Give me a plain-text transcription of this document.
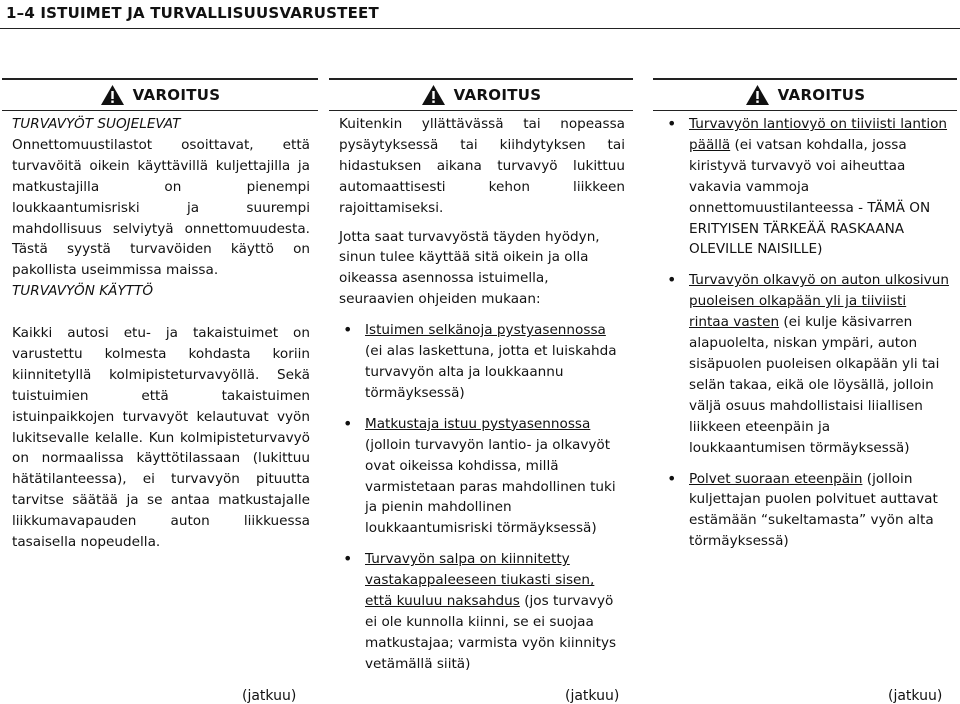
1–4 ISTUIMET JA TURVALLISUUSVARUSTEET
VAROITUS

TURVAVYÖT SUOJELEVAT

Onnettomuustilastot osoittavat, että turvavöitä oikein käyttävillä kuljettajilla ja matkustajilla on pienempi loukkaantumisriski ja suurempi mahdollisuus selviytyä onnettomuudesta. Tästä syystä turvavöiden käyttö on pakollista useimmissa maissa.

TURVAVYÖN KÄYTTÖ

Kaikki autosi etu- ja takaistuimet on varustettu kolmesta kohdasta koriin kiinnitetyllä kolmipisteturvavyöllä. Sekä tuistuimien että takaistuimen istuinpaikkojen turvavyöt kelautuvat vyön lukitsevalle kelalle. Kun kolmipisteturvavyö on normaalissa käyttötilassaan (lukittuu hätätilanteessa), ei turvavyön pituutta tarvitse säätää ja se antaa matkustajalle liikkumavapauden auton liikkuessa tasaisella nopeudella.

(jatkuu)
VAROITUS

Kuitenkin yllättävässä tai nopeassa pysäytyksessä tai kiihdytyksen tai hidastuksen aikana turvavyö lukittuu automaattisesti kehon liikkeen rajoittamiseksi.

Jotta saat turvavyöstä täyden hyödyn, sinun tulee käyttää sitä oikein ja olla oikeassa asennossa istuimella, seuraavien ohjeiden mukaan:

• Istuimen selkänoja pystyasennossa (ei alas laskettuna, jotta et luiskahda turvavyön alta ja loukkaannu törmäyksessä)
• Matkustaja istuu pystyasennossa (jolloin turvavyön lantio- ja olkavyöt ovat oikeissa kohdissa, millä varmistetaan paras mahdollinen tuki ja pienin mahdollinen loukkaantumisriski törmäyksessä)
• Turvavyön salpa on kiinnitetty vastakappaleeseen tiukasti sisen, että kuuluu naksahdus (jos turvavyö ei ole kunnolla kiinni, se ei suojaa matkustajaa; varmista vyön kiinnitys vetämällä siitä)
(jatkuu)
VAROITUS
• Turvavyön lantiovyö on tiiviisti lantion päällä (ei vatsan kohdalla, jossa kiristyvä turvavyö voi aiheuttaa vakavia vammoja onnettomuustilanteessa - TÄMÄ ON ERITYISEN TÄRKEÄÄ RASKAANA OLEVILLE NAISILLE)
• Turvavyön olkavyö on auton ulkosivun puoleisen olkapään yli ja tiiviisti rintaa vasten (ei kulje käsivarren alapuolelta, niskan ympäri, auton sisäpuolen puoleisen olkapään yli tai selän takaa, eikä ole löysällä, jolloin väljä osuus mahdollistaisi liiallisen liikkeen eteenpäin ja loukkaantumisen törmäyksessä)
• Polvet suoraan eteenpäin (jolloin kuljettajan puolen polvituet auttavat estämään “sukeltamasta” vyön alta törmäyksessä)
(jatkuu)
